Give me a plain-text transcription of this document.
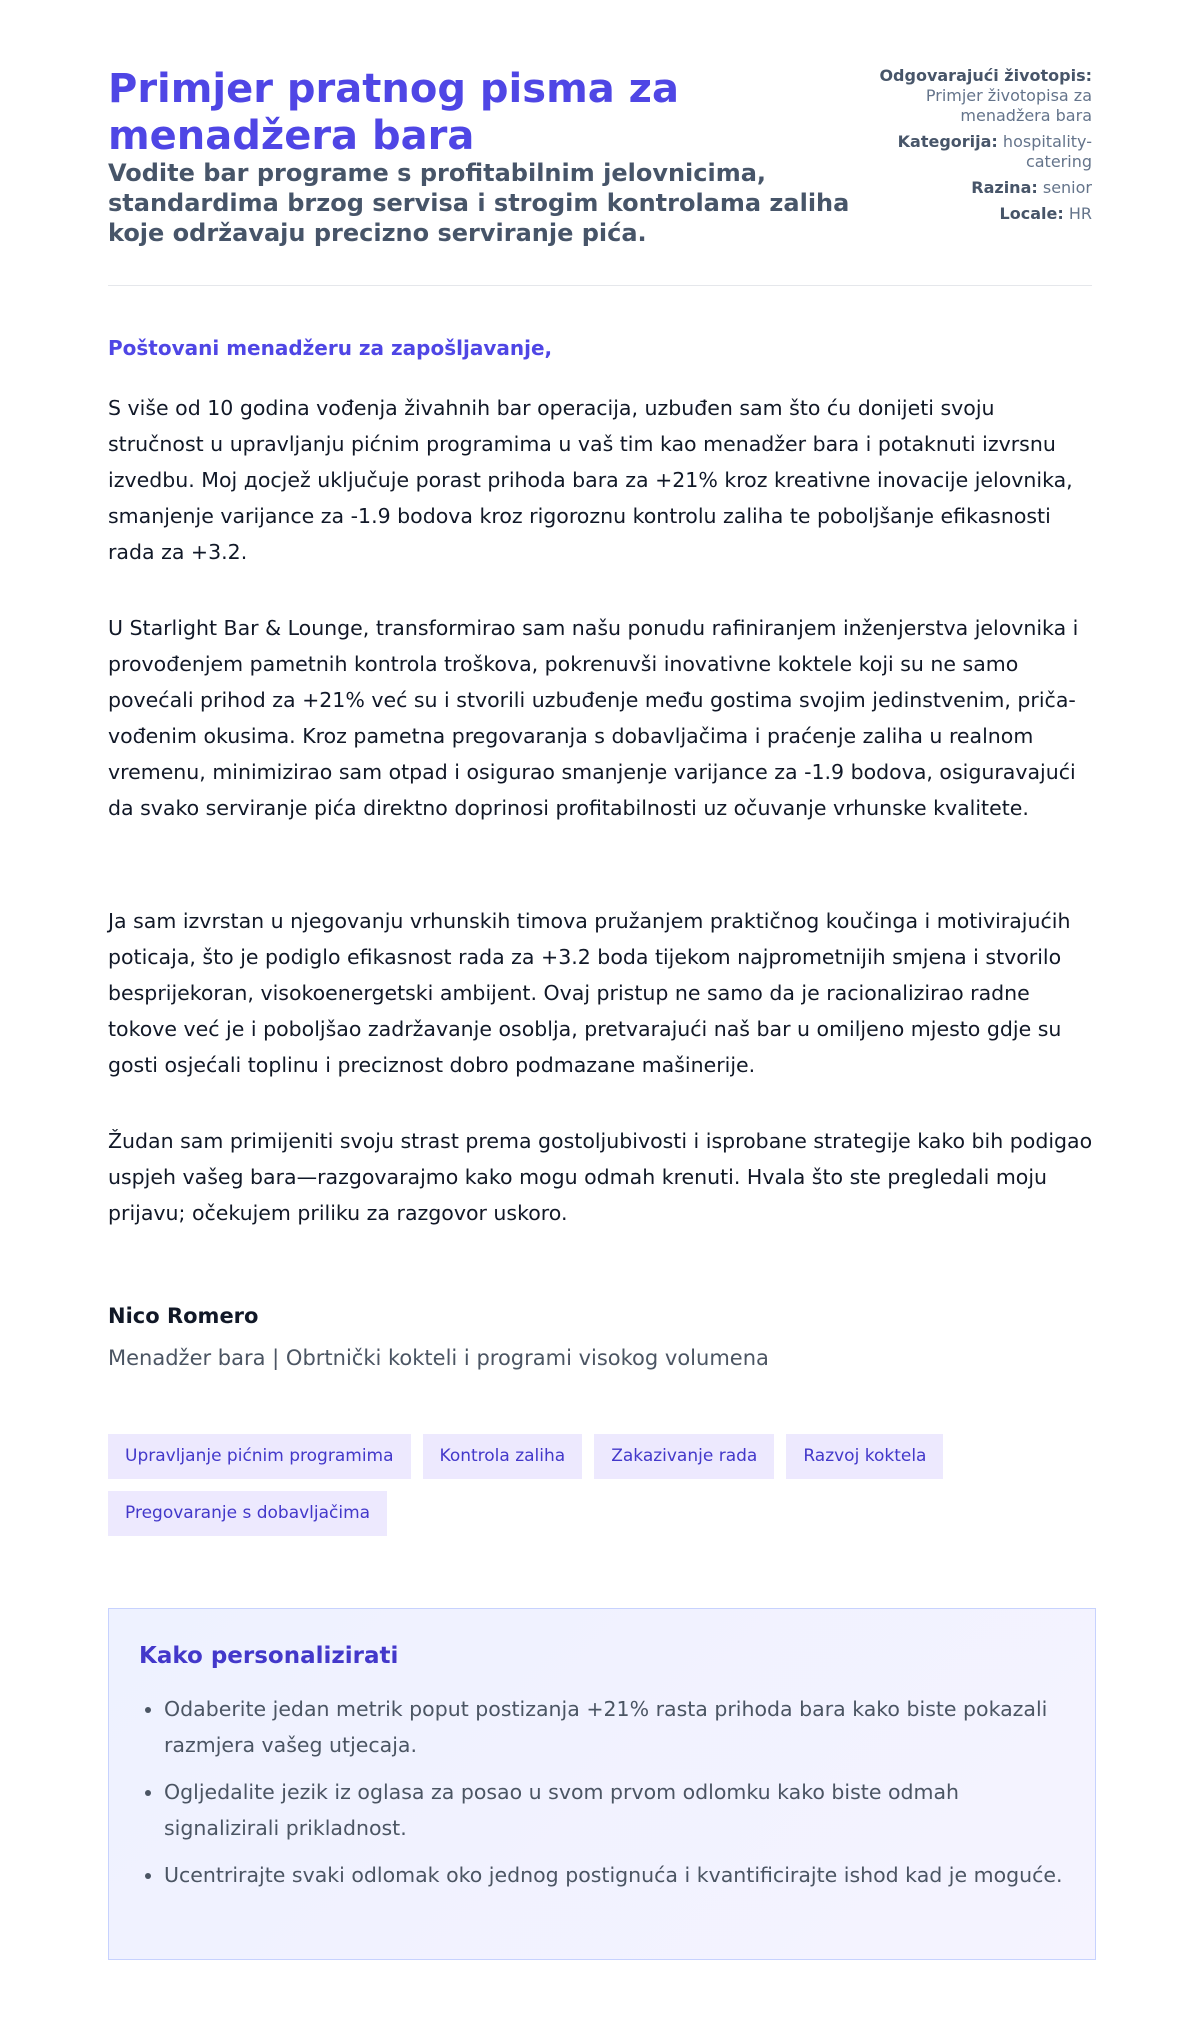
Primjer pratnog pisma za menadžera bara
Vodite bar programe s profitabilnim jelovnicima, standardima brzog servisa i strogim kontrolama zaliha koje održavaju precizno serviranje pića.
Odgovarajući životopis: Primjer životopisa za menadžera bara
Kategorija: hospitality-catering
Razina: senior
Locale: HR

Poštovani menadžeru za zapošljavanje,

S više od 10 godina vođenja živahnih bar operacija, uzbuđen sam što ću donijeti svoju stručnost u upravljanju pićnim programima u vaš tim kao menadžer bara i potaknuti izvrsnu izvedbu. Moj досjež uključuje porast prihoda bara za +21% kroz kreativne inovacije jelovnika, smanjenje varijance za -1.9 bodova kroz rigoroznu kontrolu zaliha te poboljšanje efikasnosti rada za +3.2.

U Starlight Bar & Lounge, transformirao sam našu ponudu rafiniranjem inženjerstva jelovnika i provođenjem pametnih kontrola troškova, pokrenuvši inovativne koktele koji su ne samo povećali prihod za +21% već su i stvorili uzbuđenje među gostima svojim jedinstvenim, priča-vođenim okusima. Kroz pametna pregovaranja s dobavljačima i praćenje zaliha u realnom vremenu, minimizirao sam otpad i osigurao smanjenje varijance za -1.9 bodova, osiguravajući da svako serviranje pića direktno doprinosi profitabilnosti uz očuvanje vrhunske kvalitete.

Ja sam izvrstan u njegovanju vrhunskih timova pružanjem praktičnog koučinga i motivirajućih poticaja, što je podiglo efikasnost rada za +3.2 boda tijekom najprometnijih smjena i stvorilo besprijekoran, visokoenergetski ambijent. Ovaj pristup ne samo da je racionalizirao radne tokove već je i poboljšao zadržavanje osoblja, pretvarajući naš bar u omiljeno mjesto gdje su gosti osjećali toplinu i preciznost dobro podmazane mašinerije.

Žudan sam primijeniti svoju strast prema gostoljubivosti i isprobane strategije kako bih podigao uspjeh vašeg bara—razgovarajmo kako mogu odmah krenuti. Hvala što ste pregledali moju prijavu; očekujem priliku za razgovor uskoro.

Nico Romero

Menadžer bara | Obrtnički kokteli i programi visokog volumena

Upravljanje pićnim programima	Kontrola zaliha	Zakazivanje rada	Razvoj koktela
Pregovaranje s dobavljačima
Kako personalizirati
• Odaberite jedan metrik poput postizanja +21% rasta prihoda bara kako biste pokazali razmjera vašeg utjecaja.
• Ogljedalite jezik iz oglasa za posao u svom prvom odlomku kako biste odmah signalizirali prikladnost.
• Ucentrirajte svaki odlomak oko jednog postignuća i kvantificirajte ishod kad je moguće.
